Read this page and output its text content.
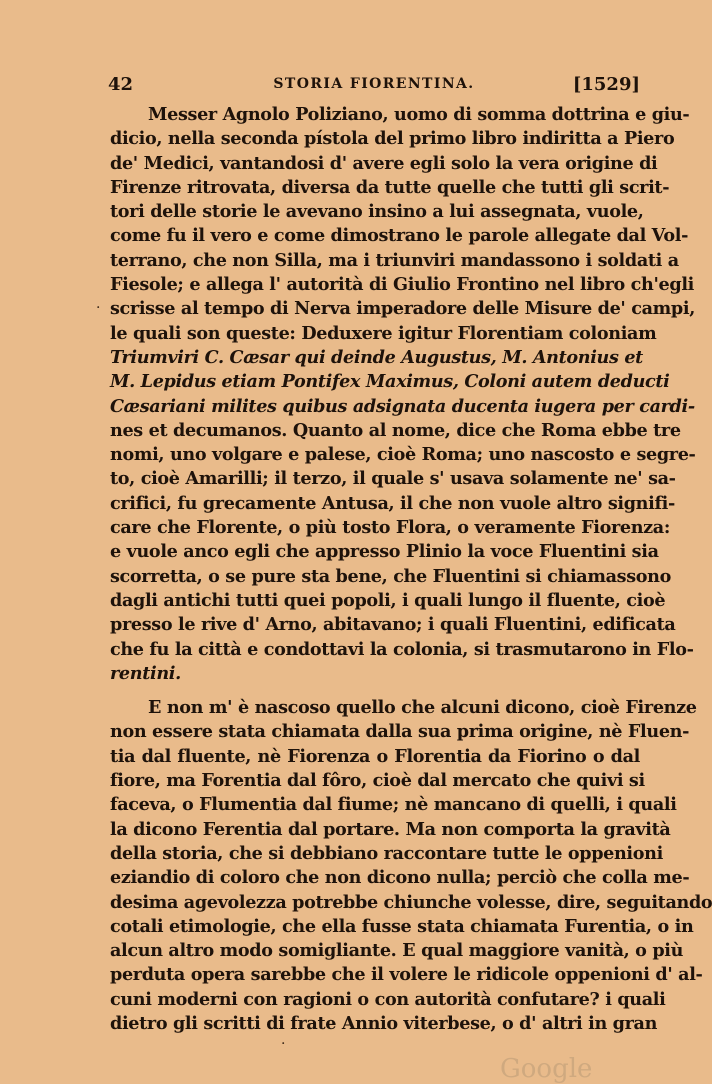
42	STORIA FIORENTINA.	[1529]
·
Messer Agnolo Poliziano, uomo di somma dottrina e giu-
dicio, nella seconda pístola del primo libro indiritta a Piero
de' Medici, vantandosi d' avere egli solo la vera origine di
Firenze ritrovata, diversa da tutte quelle che tutti gli scrit-
tori delle storie le avevano insino a lui assegnata, vuole,
come fu il vero e come dimostrano le parole allegate dal Vol-
terrano, che non Silla, ma i triunviri mandassono i soldati a
Fiesole; e allega l' autorità di Giulio Frontino nel libro ch'egli
scrisse al tempo di Nerva imperadore delle Misure de' campi,
le quali son queste: Deduxere igitur Florentiam coloniam
Triumviri C. Cæsar qui deinde Augustus, M. Antonius et
M. Lepidus etiam Pontifex Maximus, Coloni autem deducti
Cæsariani milites quibus adsignata ducenta iugera per cardi-
nes et decumanos. Quanto al nome, dice che Roma ebbe tre
nomi, uno volgare e palese, cioè Roma; uno nascosto e segre-
to, cioè Amarilli; il terzo, il quale s' usava solamente ne' sa-
crifici, fu grecamente Antusa, il che non vuole altro signifi-
care che Florente, o più tosto Flora, o veramente Fiorenza:
e vuole anco egli che appresso Plinio la voce Fluentini sia
scorretta, o se pure sta bene, che Fluentini si chiamassono
dagli antichi tutti quei popoli, i quali lungo il fluente, cioè
presso le rive d' Arno, abitavano; i quali Fluentini, edificata
che fu la città e condottavi la colonia, si trasmutarono in Flo-
rentini.
E non m' è nascoso quello che alcuni dicono, cioè Firenze
non essere stata chiamata dalla sua prima origine, nè Fluen-
tia dal fluente, nè Fiorenza o Florentia da Fiorino o dal
fiore, ma Forentia dal fôro, cioè dal mercato che quivi si
faceva, o Flumentia dal fiume; nè mancano di quelli, i quali
la dicono Ferentia dal portare. Ma non comporta la gravità
della storia, che si debbiano raccontare tutte le oppenioni
eziandio di coloro che non dicono nulla; perciò che colla me-
desima agevolezza potrebbe chiunche volesse, dire, seguitando
cotali etimologie, che ella fusse stata chiamata Furentia, o in
alcun altro modo somigliante. E qual maggiore vanità, o più
perduta opera sarebbe che il volere le ridicole oppenioni d' al-
cuni moderni con ragioni o con autorità confutare? i quali
dietro gli scritti di frate Annio viterbese, o d' altri in gran
·
Google
